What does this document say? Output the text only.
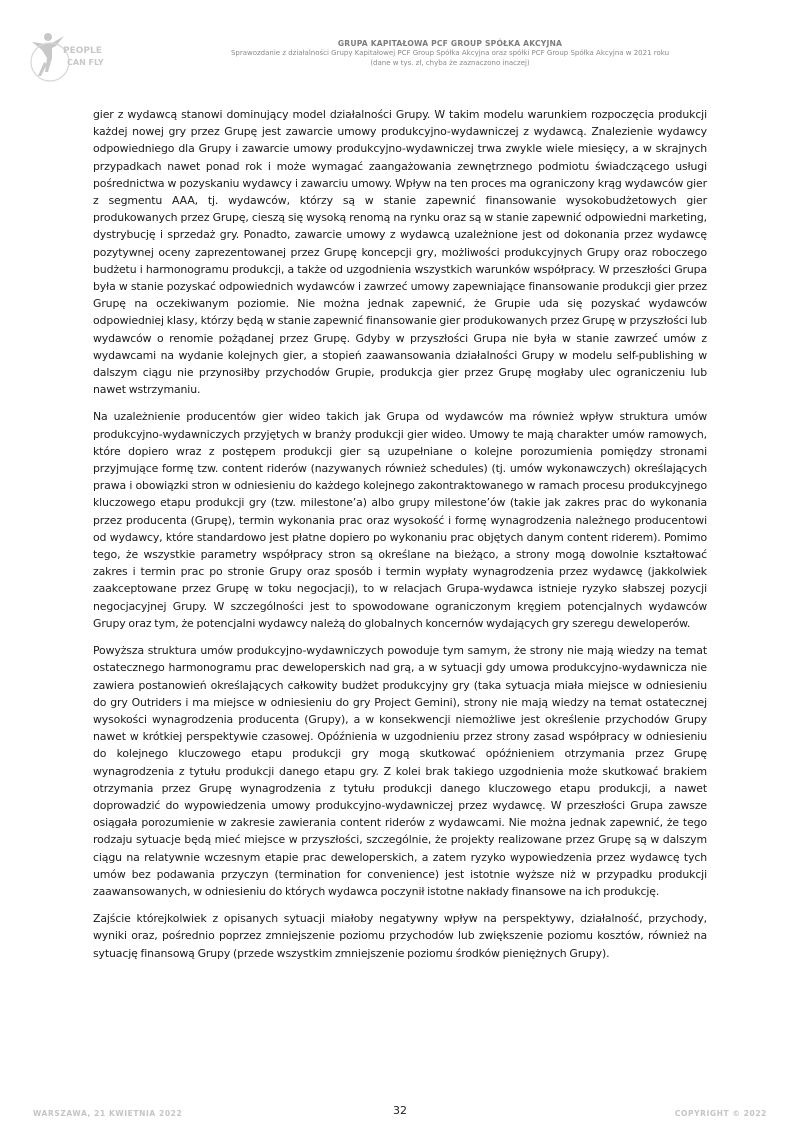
PEOPLE
CAN FLY
GRUPA KAPITAŁOWA PCF GROUP SPÓŁKA AKCYJNA
Sprawozdanie z działalności Grupy Kapitałowej PCF Group Spółka Akcyjna oraz spółki PCF Group Spółka Akcyjna w 2021 roku
(dane w tys. zł, chyba że zaznaczono inaczej)

gier z wydawcą stanowi dominujący model działalności Grupy. W takim modelu warunkiem rozpoczęcia produkcji każdej nowej gry przez Grupę jest zawarcie umowy produkcyjno-wydawniczej z wydawcą. Znalezienie wydawcy odpowiedniego dla Grupy i zawarcie umowy produkcyjno-wydawniczej trwa zwykle wiele miesięcy, a w skrajnych przypadkach nawet ponad rok i może wymagać zaangażowania zewnętrznego podmiotu świadczącego usługi pośrednictwa w pozyskaniu wydawcy i zawarciu umowy. Wpływ na ten proces ma ograniczony krąg wydawców gier z segmentu AAA, tj. wydawców, którzy są w stanie zapewnić finansowanie wysokobudżetowych gier produkowanych przez Grupę, cieszą się wysoką renomą na rynku oraz są w stanie zapewnić odpowiedni marketing, dystrybucję i sprzedaż gry. Ponadto, zawarcie umowy z wydawcą uzależnione jest od dokonania przez wydawcę pozytywnej oceny zaprezentowanej przez Grupę koncepcji gry, możliwości produkcyjnych Grupy oraz roboczego budżetu i harmonogramu produkcji, a także od uzgodnienia wszystkich warunków współpracy. W przeszłości Grupa była w stanie pozyskać odpowiednich wydawców i zawrzeć umowy zapewniające finansowanie produkcji gier przez Grupę na oczekiwanym poziomie. Nie można jednak zapewnić, że Grupie uda się pozyskać wydawców odpowiedniej klasy, którzy będą w stanie zapewnić finansowanie gier produkowanych przez Grupę w przyszłości lub wydawców o renomie pożądanej przez Grupę. Gdyby w przyszłości Grupa nie była w stanie zawrzeć umów z wydawcami na wydanie kolejnych gier, a stopień zaawansowania działalności Grupy w modelu self-publishing w dalszym ciągu nie przynosiłby przychodów Grupie, produkcja gier przez Grupę mogłaby ulec ograniczeniu lub nawet wstrzymaniu.

Na uzależnienie producentów gier wideo takich jak Grupa od wydawców ma również wpływ struktura umów produkcyjno-wydawniczych przyjętych w branży produkcji gier wideo. Umowy te mają charakter umów ramowych, które dopiero wraz z postępem produkcji gier są uzupełniane o kolejne porozumienia pomiędzy stronami przyjmujące formę tzw. content riderów (nazywanych również schedules) (tj. umów wykonawczych) określających prawa i obowiązki stron w odniesieniu do każdego kolejnego zakontraktowanego w ramach procesu produkcyjnego kluczowego etapu produkcji gry (tzw. milestone’a) albo grupy milestone’ów (takie jak zakres prac do wykonania przez producenta (Grupę), termin wykonania prac oraz wysokość i formę wynagrodzenia należnego producentowi od wydawcy, które standardowo jest płatne dopiero po wykonaniu prac objętych danym content riderem). Pomimo tego, że wszystkie parametry współpracy stron są określane na bieżąco, a strony mogą dowolnie kształtować zakres i termin prac po stronie Grupy oraz sposób i termin wypłaty wynagrodzenia przez wydawcę (jakkolwiek zaakceptowane przez Grupę w toku negocjacji), to w relacjach Grupa-wydawca istnieje ryzyko słabszej pozycji negocjacyjnej Grupy. W szczególności jest to spowodowane ograniczonym kręgiem potencjalnych wydawców Grupy oraz tym, że potencjalni wydawcy należą do globalnych koncernów wydających gry szeregu deweloperów.

Powyższa struktura umów produkcyjno-wydawniczych powoduje tym samym, że strony nie mają wiedzy na temat ostatecznego harmonogramu prac deweloperskich nad grą, a w sytuacji gdy umowa produkcyjno-wydawnicza nie zawiera postanowień określających całkowity budżet produkcyjny gry (taka sytuacja miała miejsce w odniesieniu do gry Outriders i ma miejsce w odniesieniu do gry Project Gemini), strony nie mają wiedzy na temat ostatecznej wysokości wynagrodzenia producenta (Grupy), a w konsekwencji niemożliwe jest określenie przychodów Grupy nawet w krótkiej perspektywie czasowej. Opóźnienia w uzgodnieniu przez strony zasad współpracy w odniesieniu do kolejnego kluczowego etapu produkcji gry mogą skutkować opóźnieniem otrzymania przez Grupę wynagrodzenia z tytułu produkcji danego etapu gry. Z kolei brak takiego uzgodnienia może skutkować brakiem otrzymania przez Grupę wynagrodzenia z tytułu produkcji danego kluczowego etapu produkcji, a nawet doprowadzić do wypowiedzenia umowy produkcyjno-wydawniczej przez wydawcę. W przeszłości Grupa zawsze osiągała porozumienie w zakresie zawierania content riderów z wydawcami. Nie można jednak zapewnić, że tego rodzaju sytuacje będą mieć miejsce w przyszłości, szczególnie, że projekty realizowane przez Grupę są w dalszym ciągu na relatywnie wczesnym etapie prac deweloperskich, a zatem ryzyko wypowiedzenia przez wydawcę tych umów bez podawania przyczyn (termination for convenience) jest istotnie wyższe niż w przypadku produkcji zaawansowanych, w odniesieniu do których wydawca poczynił istotne nakłady finansowe na ich produkcję.

Zajście którejkolwiek z opisanych sytuacji miałoby negatywny wpływ na perspektywy, działalność, przychody, wyniki oraz, pośrednio poprzez zmniejszenie poziomu przychodów lub zwiększenie poziomu kosztów, również na sytuację finansową Grupy (przede wszystkim zmniejszenie poziomu środków pieniężnych Grupy).

WARSZAWA, 21 KWIETNIA 2022	32	COPYRIGHT © 2022
